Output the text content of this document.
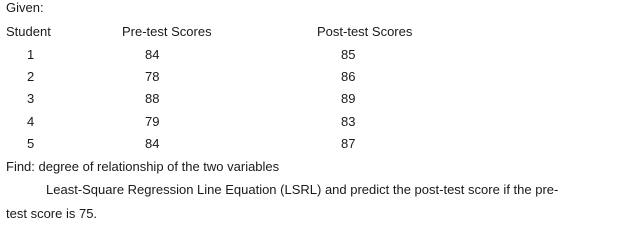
Given:
Student	Pre-test Scores	Post-test Scores
1	84	85
2	78	86
3	88	89
4	79	83
5	84	87
Find: degree of relationship of the two variables
Least-Square Regression Line Equation (LSRL) and predict the post-test score if the pre-
test score is 75.
